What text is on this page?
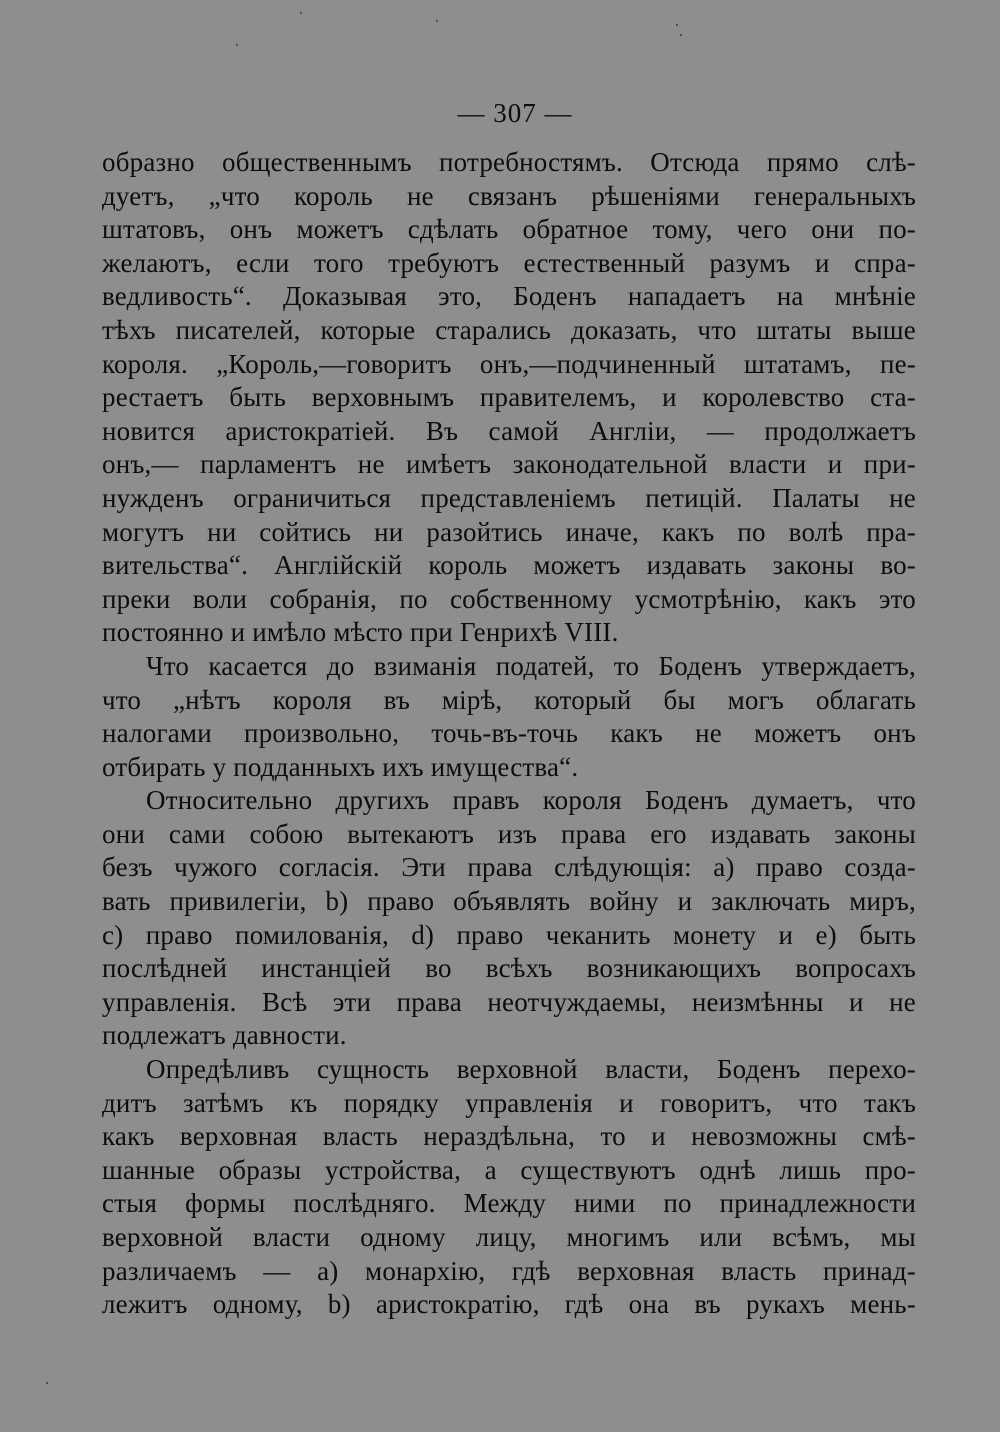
— 307 —
образно общественнымъ потребностямъ. Отсюда прямо слѣ-
дуетъ, „что король не связанъ рѣшеніями генеральныхъ
штатовъ, онъ можетъ сдѣлать обратное тому, чего они по-
желаютъ, если того требуютъ естественный разумъ и спра-
ведливость“. Доказывая это, Боденъ нападаетъ на мнѣніе
тѣхъ писателей, которые старались доказать, что штаты выше
короля. „Король,—говоритъ онъ,—подчиненный штатамъ, пе-
рестаетъ быть верховнымъ правителемъ, и королевство ста-
новится аристократіей. Въ самой Англіи, — продолжаетъ
онъ,— парламентъ не имѣетъ законодательной власти и при-
нужденъ ограничиться представленіемъ петицій. Палаты не
могутъ ни сойтись ни разойтись иначе, какъ по волѣ пра-
вительства“. Англійскій король можетъ издавать законы во-
преки воли собранія, по собственному усмотрѣнію, какъ это
постоянно и имѣло мѣсто при Генрихѣ VIII.
Что касается до взиманія податей, то Боденъ утверждаетъ,
что „нѣтъ короля въ мірѣ, который бы могъ облагать
налогами произвольно, точь-въ-точь какъ не можетъ онъ
отбирать у подданныхъ ихъ имущества“.
Относительно другихъ правъ короля Боденъ думаетъ, что
они сами собою вытекаютъ изъ права его издавать законы
безъ чужого согласія. Эти права слѣдующія: a) право созда-
вать привилегіи, b) право объявлять войну и заключать миръ,
c) право помилованія, d) право чеканить монету и e) быть
послѣдней инстанціей во всѣхъ возникающихъ вопросахъ
управленія. Всѣ эти права неотчуждаемы, неизмѣнны и не
подлежатъ давности.
Опредѣливъ сущность верховной власти, Боденъ перехо-
дитъ затѣмъ къ порядку управленія и говоритъ, что такъ
какъ верховная власть нераздѣльна, то и невозможны смѣ-
шанные образы устройства, а существуютъ однѣ лишь про-
стыя формы послѣдняго. Между ними по принадлежности
верховной власти одному лицу, многимъ или всѣмъ, мы
различаемъ — a) монархію, гдѣ верховная власть принад-
лежитъ одному, b) аристократію, гдѣ она въ рукахъ мень-
